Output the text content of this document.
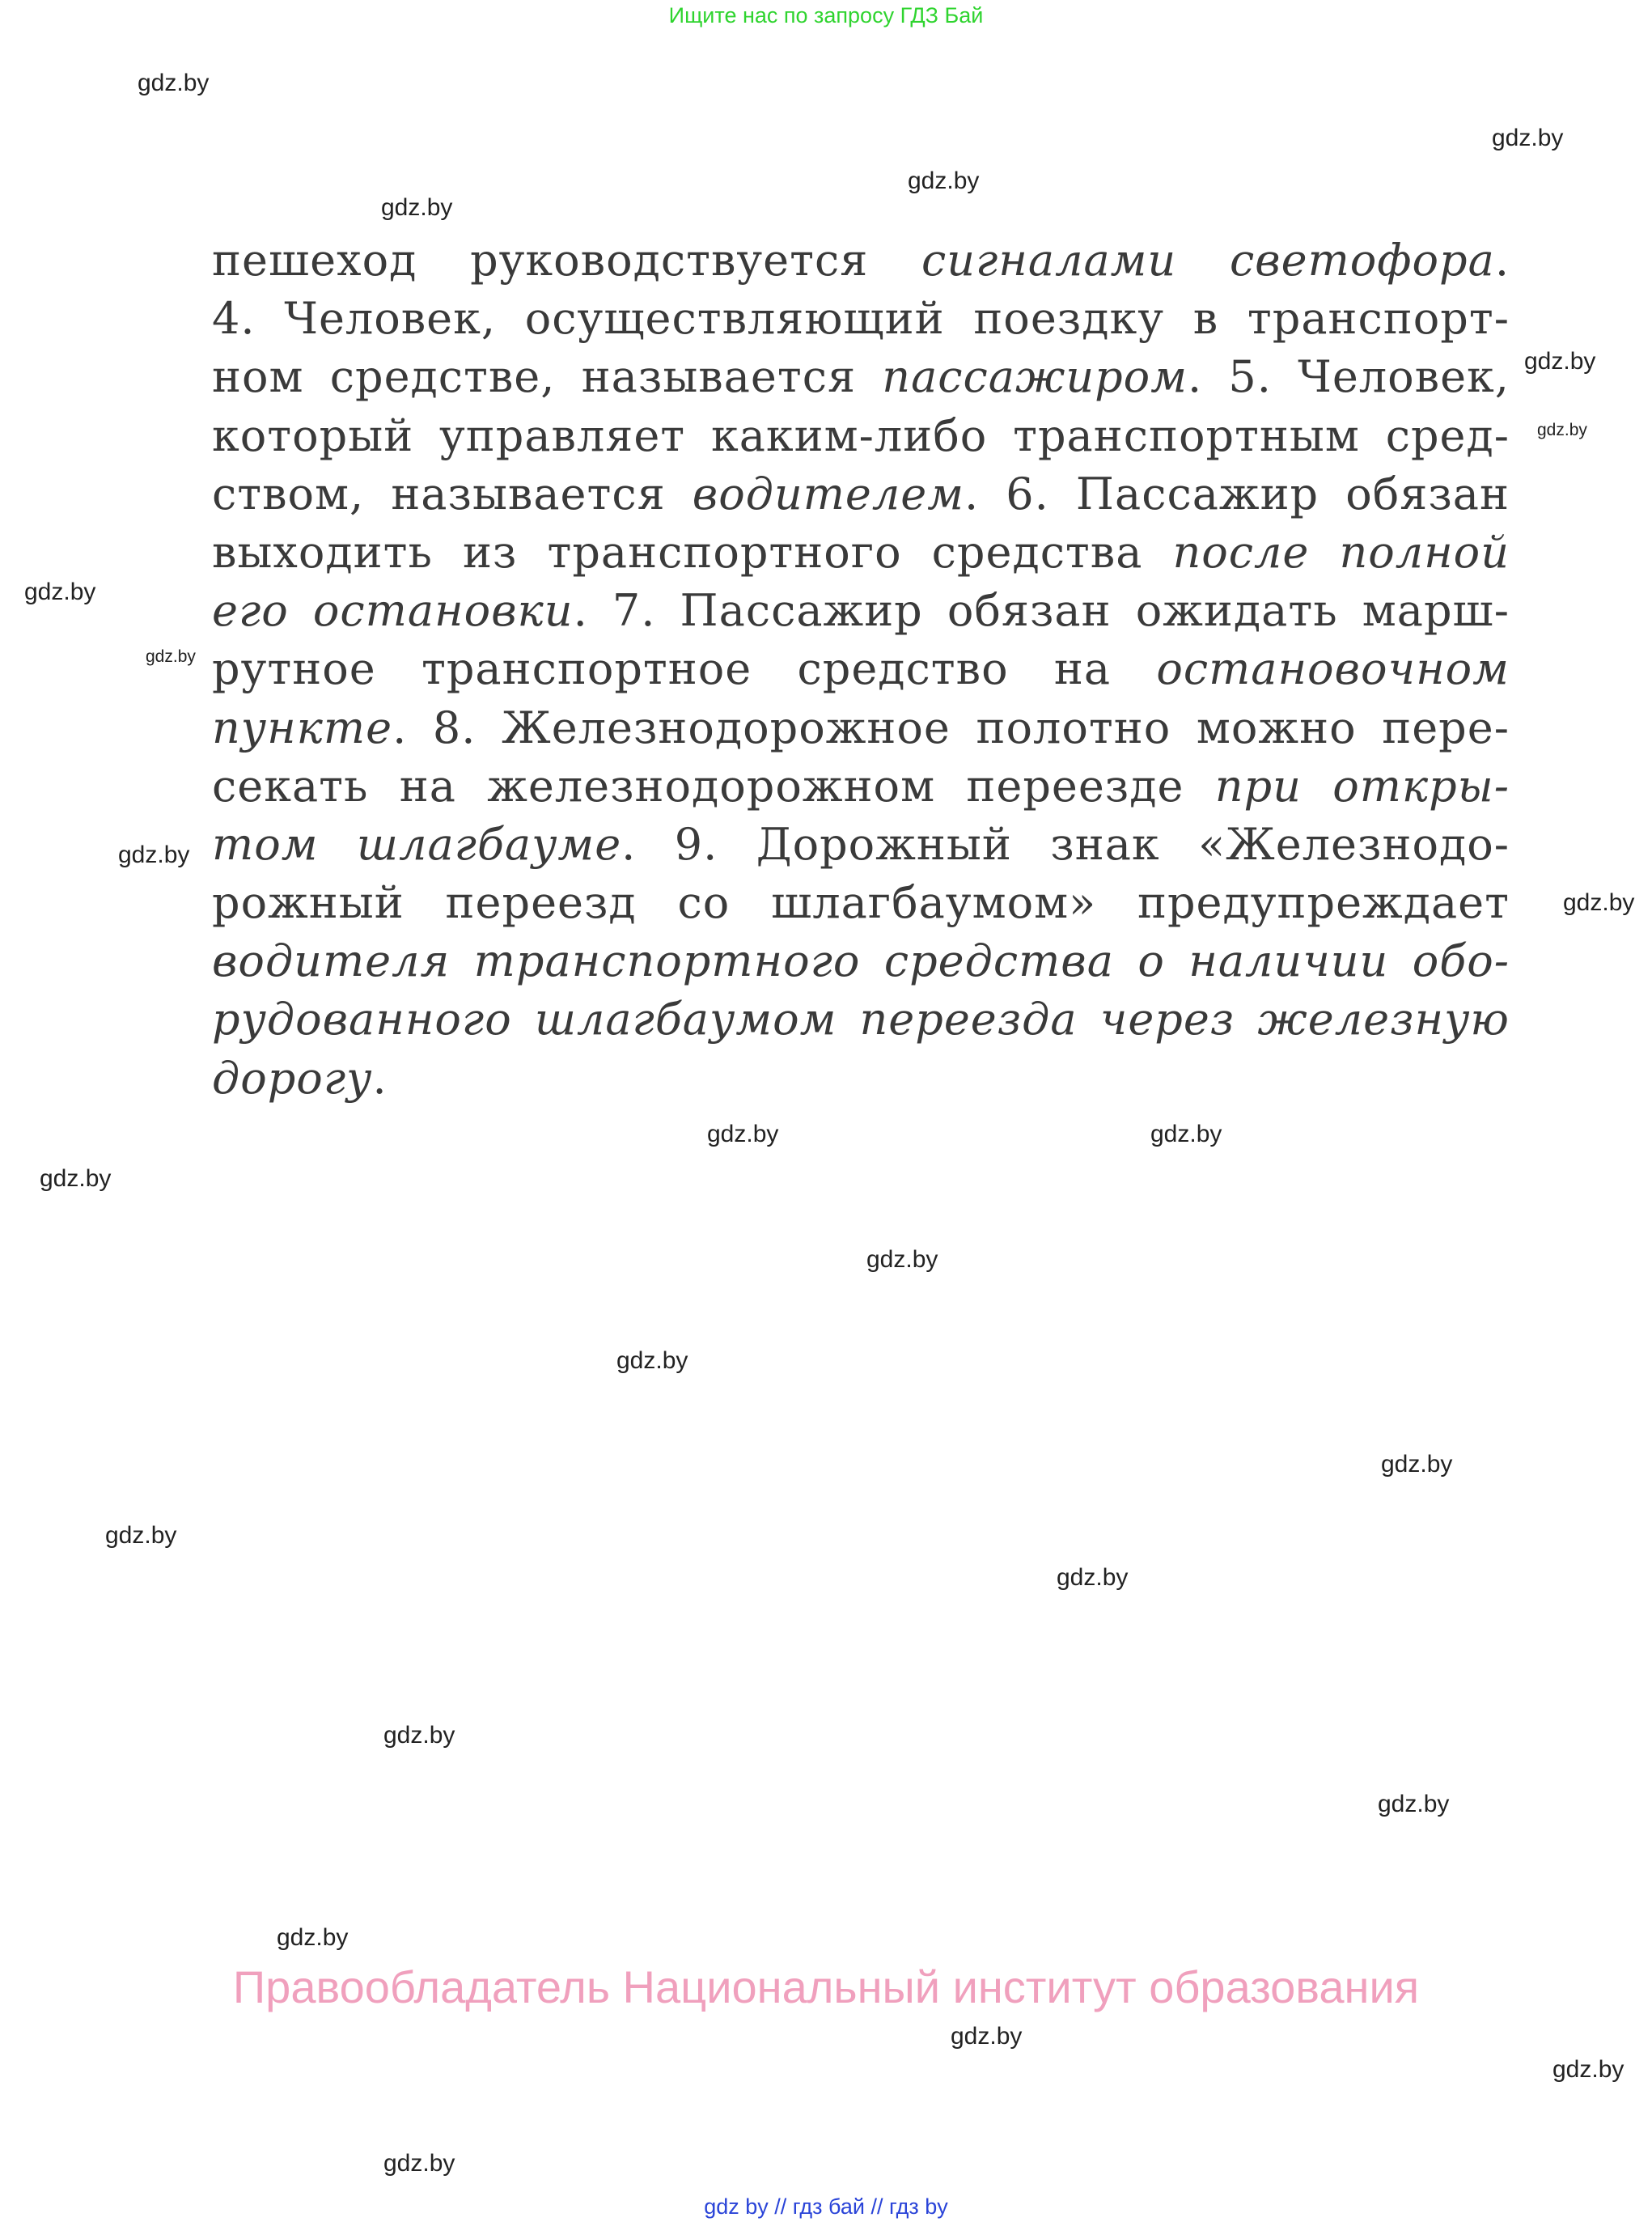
Ищите нас по запросу ГДЗ Бай
пешеход руководствуется сигналами светофора.
4. Человек, осуществляющий поездку в транспорт-
ном средстве, называется пассажиром. 5. Человек,
который управляет каким-либо транспортным сред-
ством, называется водителем. 6. Пассажир обязан
выходить из транспортного средства после полной
его остановки. 7. Пассажир обязан ожидать марш-
рутное транспортное средство на остановочном
пункте. 8. Железнодорожное полотно можно пере-
секать на железнодорожном переезде при откры-
том шлагбауме. 9. Дорожный знак «Железнодо-
рожный переезд со шлагбаумом» предупреждает
водителя транспортного средства о наличии обо-
рудованного шлагбаумом переезда через железную
дорогу.
gdz.by
gdz.by
gdz.by
gdz.by
gdz.by
gdz.by
gdz.by
gdz.by
gdz.by
gdz.by
gdz.by
gdz.by
gdz.by
gdz.by
gdz.by
gdz.by
gdz.by
gdz.by
gdz.by
gdz.by
gdz.by
gdz.by
gdz.by
gdz.by
Правообладатель Национальный институт образования
gdz by // гдз бай // гдз by
